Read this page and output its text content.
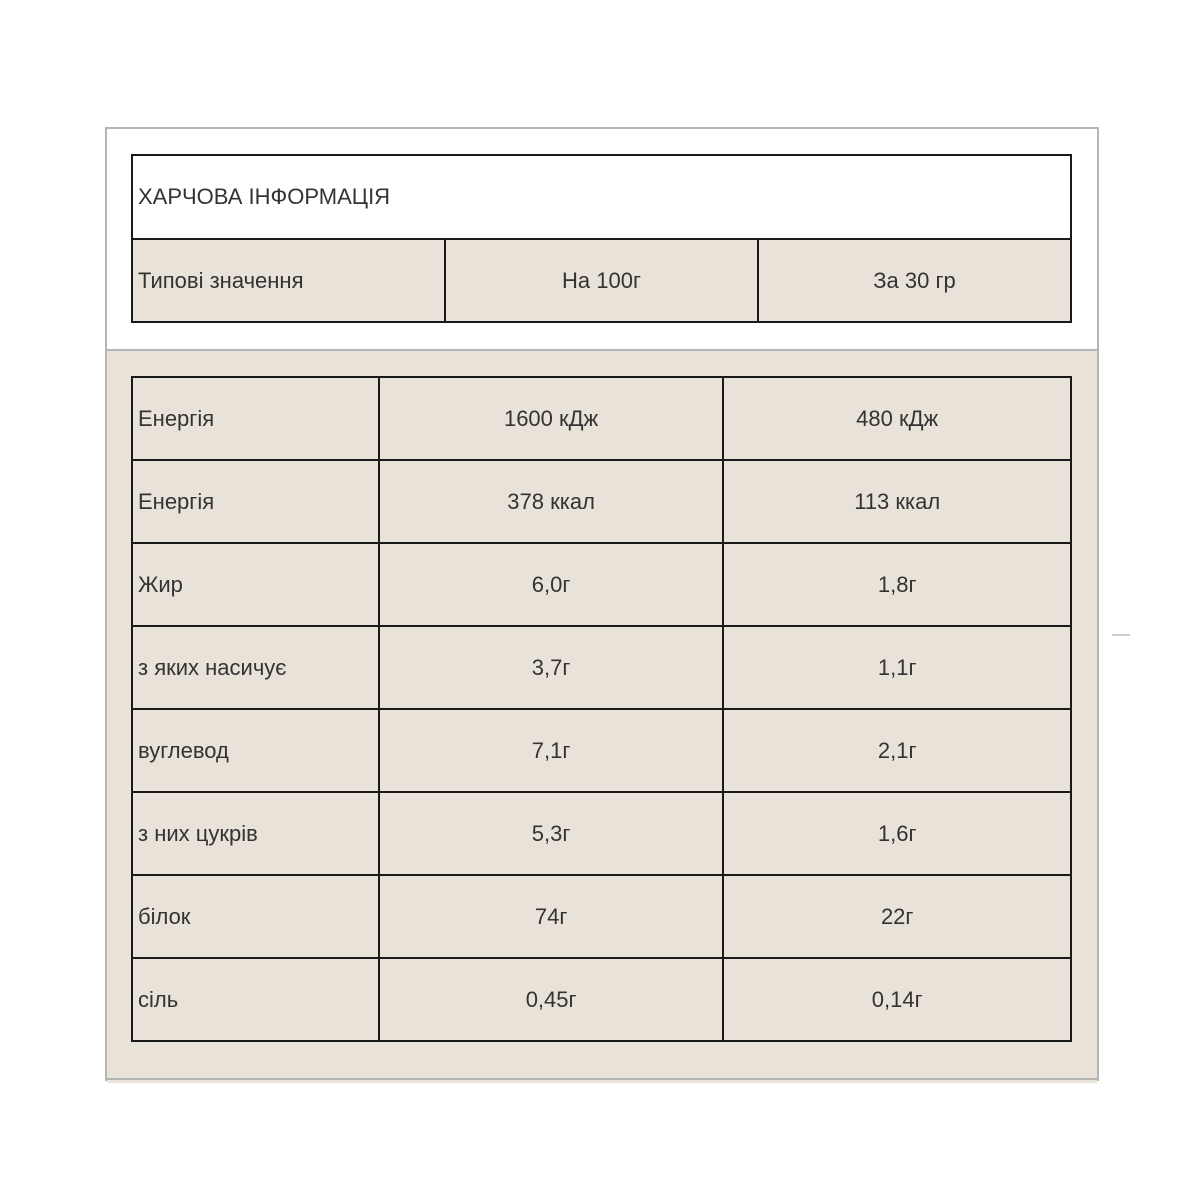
ХАРЧОВА ІНФОРМАЦІЯ
Типові значення	На 100г	За 30 гр
Енергія	1600 кДж	480 кДж
Енергія	378 ккал	113 ккал
Жир	6,0г	1,8г
з яких насичує	3,7г	1,1г
вуглевод	7,1г	2,1г
з них цукрів	5,3г	1,6г
білок	74г	22г
сіль	0,45г	0,14г
